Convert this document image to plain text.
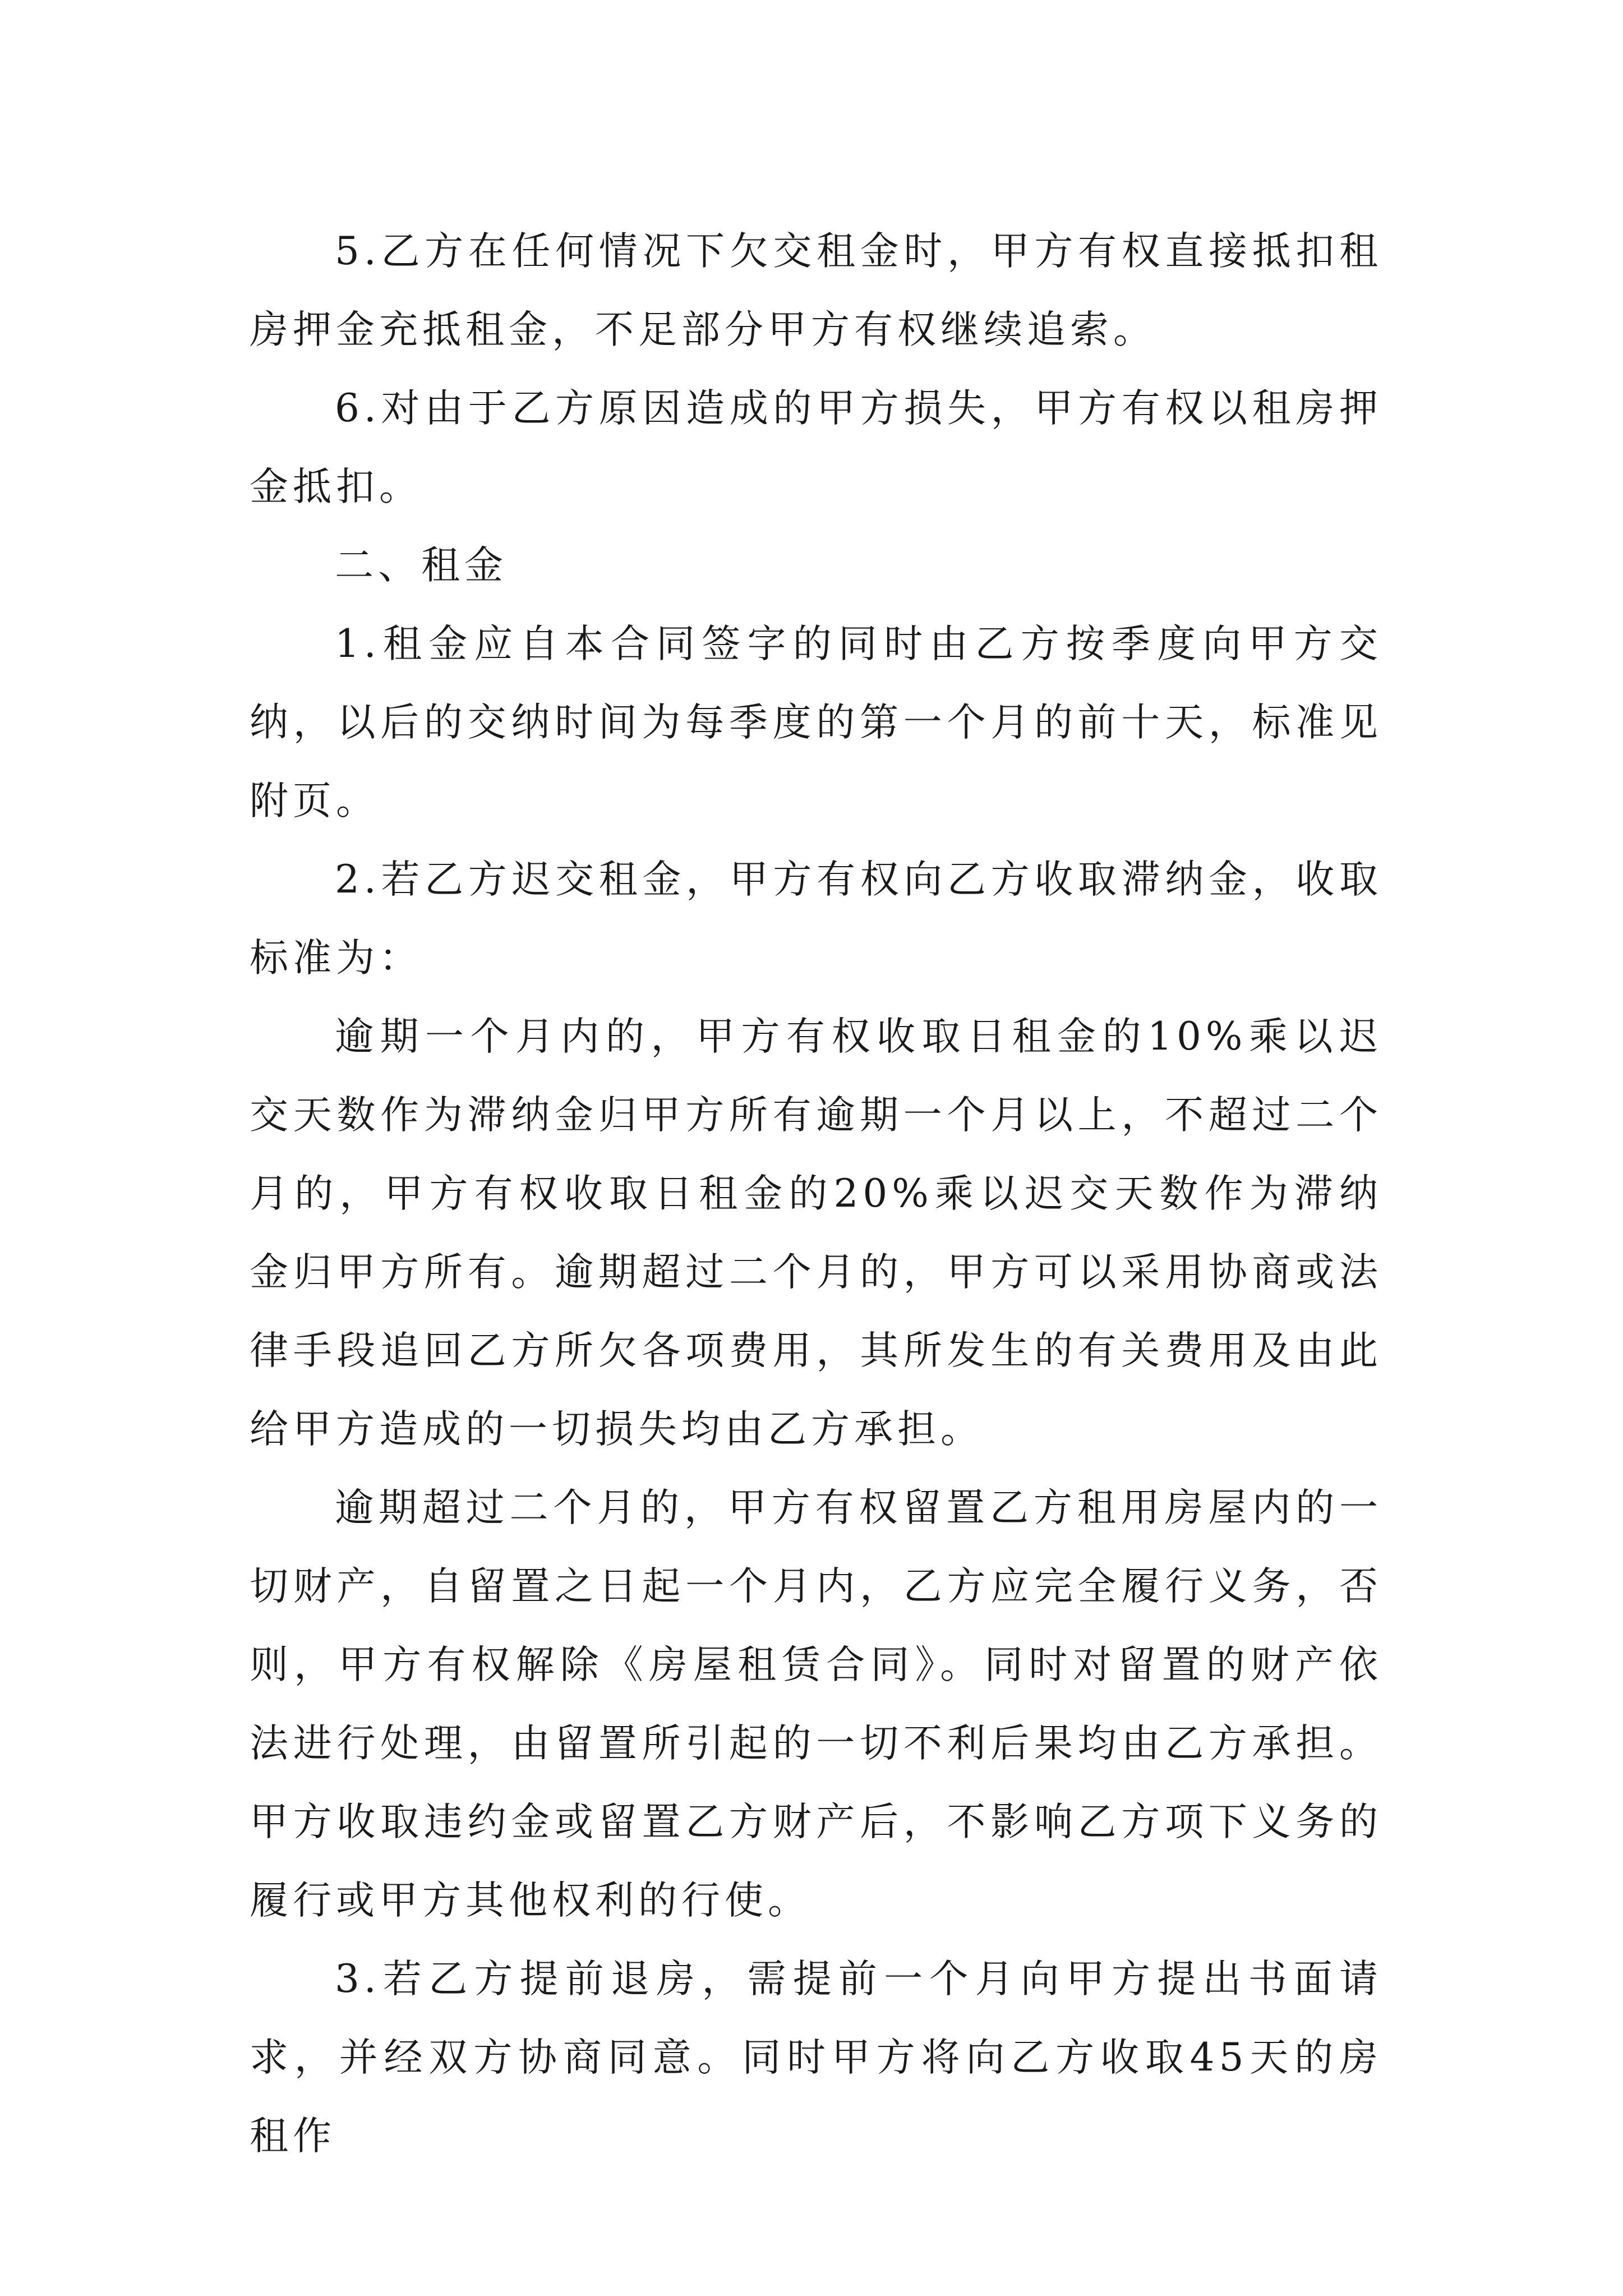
5.乙方在任何情况下欠交租金时，甲方有权直接抵扣租房押金充抵租金，不足部分甲方有权继续追索。

6.对由于乙方原因造成的甲方损失，甲方有权以租房押金抵扣。

二、租金

1.租金应自本合同签字的同时由乙方按季度向甲方交纳，以后的交纳时间为每季度的第一个月的前十天，标准见附页。

2.若乙方迟交租金，甲方有权向乙方收取滞纳金，收取标准为：

逾期一个月内的，甲方有权收取日租金的10%乘以迟交天数作为滞纳金归甲方所有逾期一个月以上，不超过二个月的，甲方有权收取日租金的20%乘以迟交天数作为滞纳金归甲方所有。逾期超过二个月的，甲方可以采用协商或法律手段追回乙方所欠各项费用，其所发生的有关费用及由此给甲方造成的一切损失均由乙方承担。

逾期超过二个月的，甲方有权留置乙方租用房屋内的一切财产，自留置之日起一个月内，乙方应完全履行义务，否则，甲方有权解除《房屋租赁合同》。同时对留置的财产依法进行处理，由留置所引起的一切不利后果均由乙方承担。甲方收取违约金或留置乙方财产后，不影响乙方项下义务的履行或甲方其他权利的行使。

3.若乙方提前退房，需提前一个月向甲方提出书面请求，并经双方协商同意。同时甲方将向乙方收取45天的房租作
